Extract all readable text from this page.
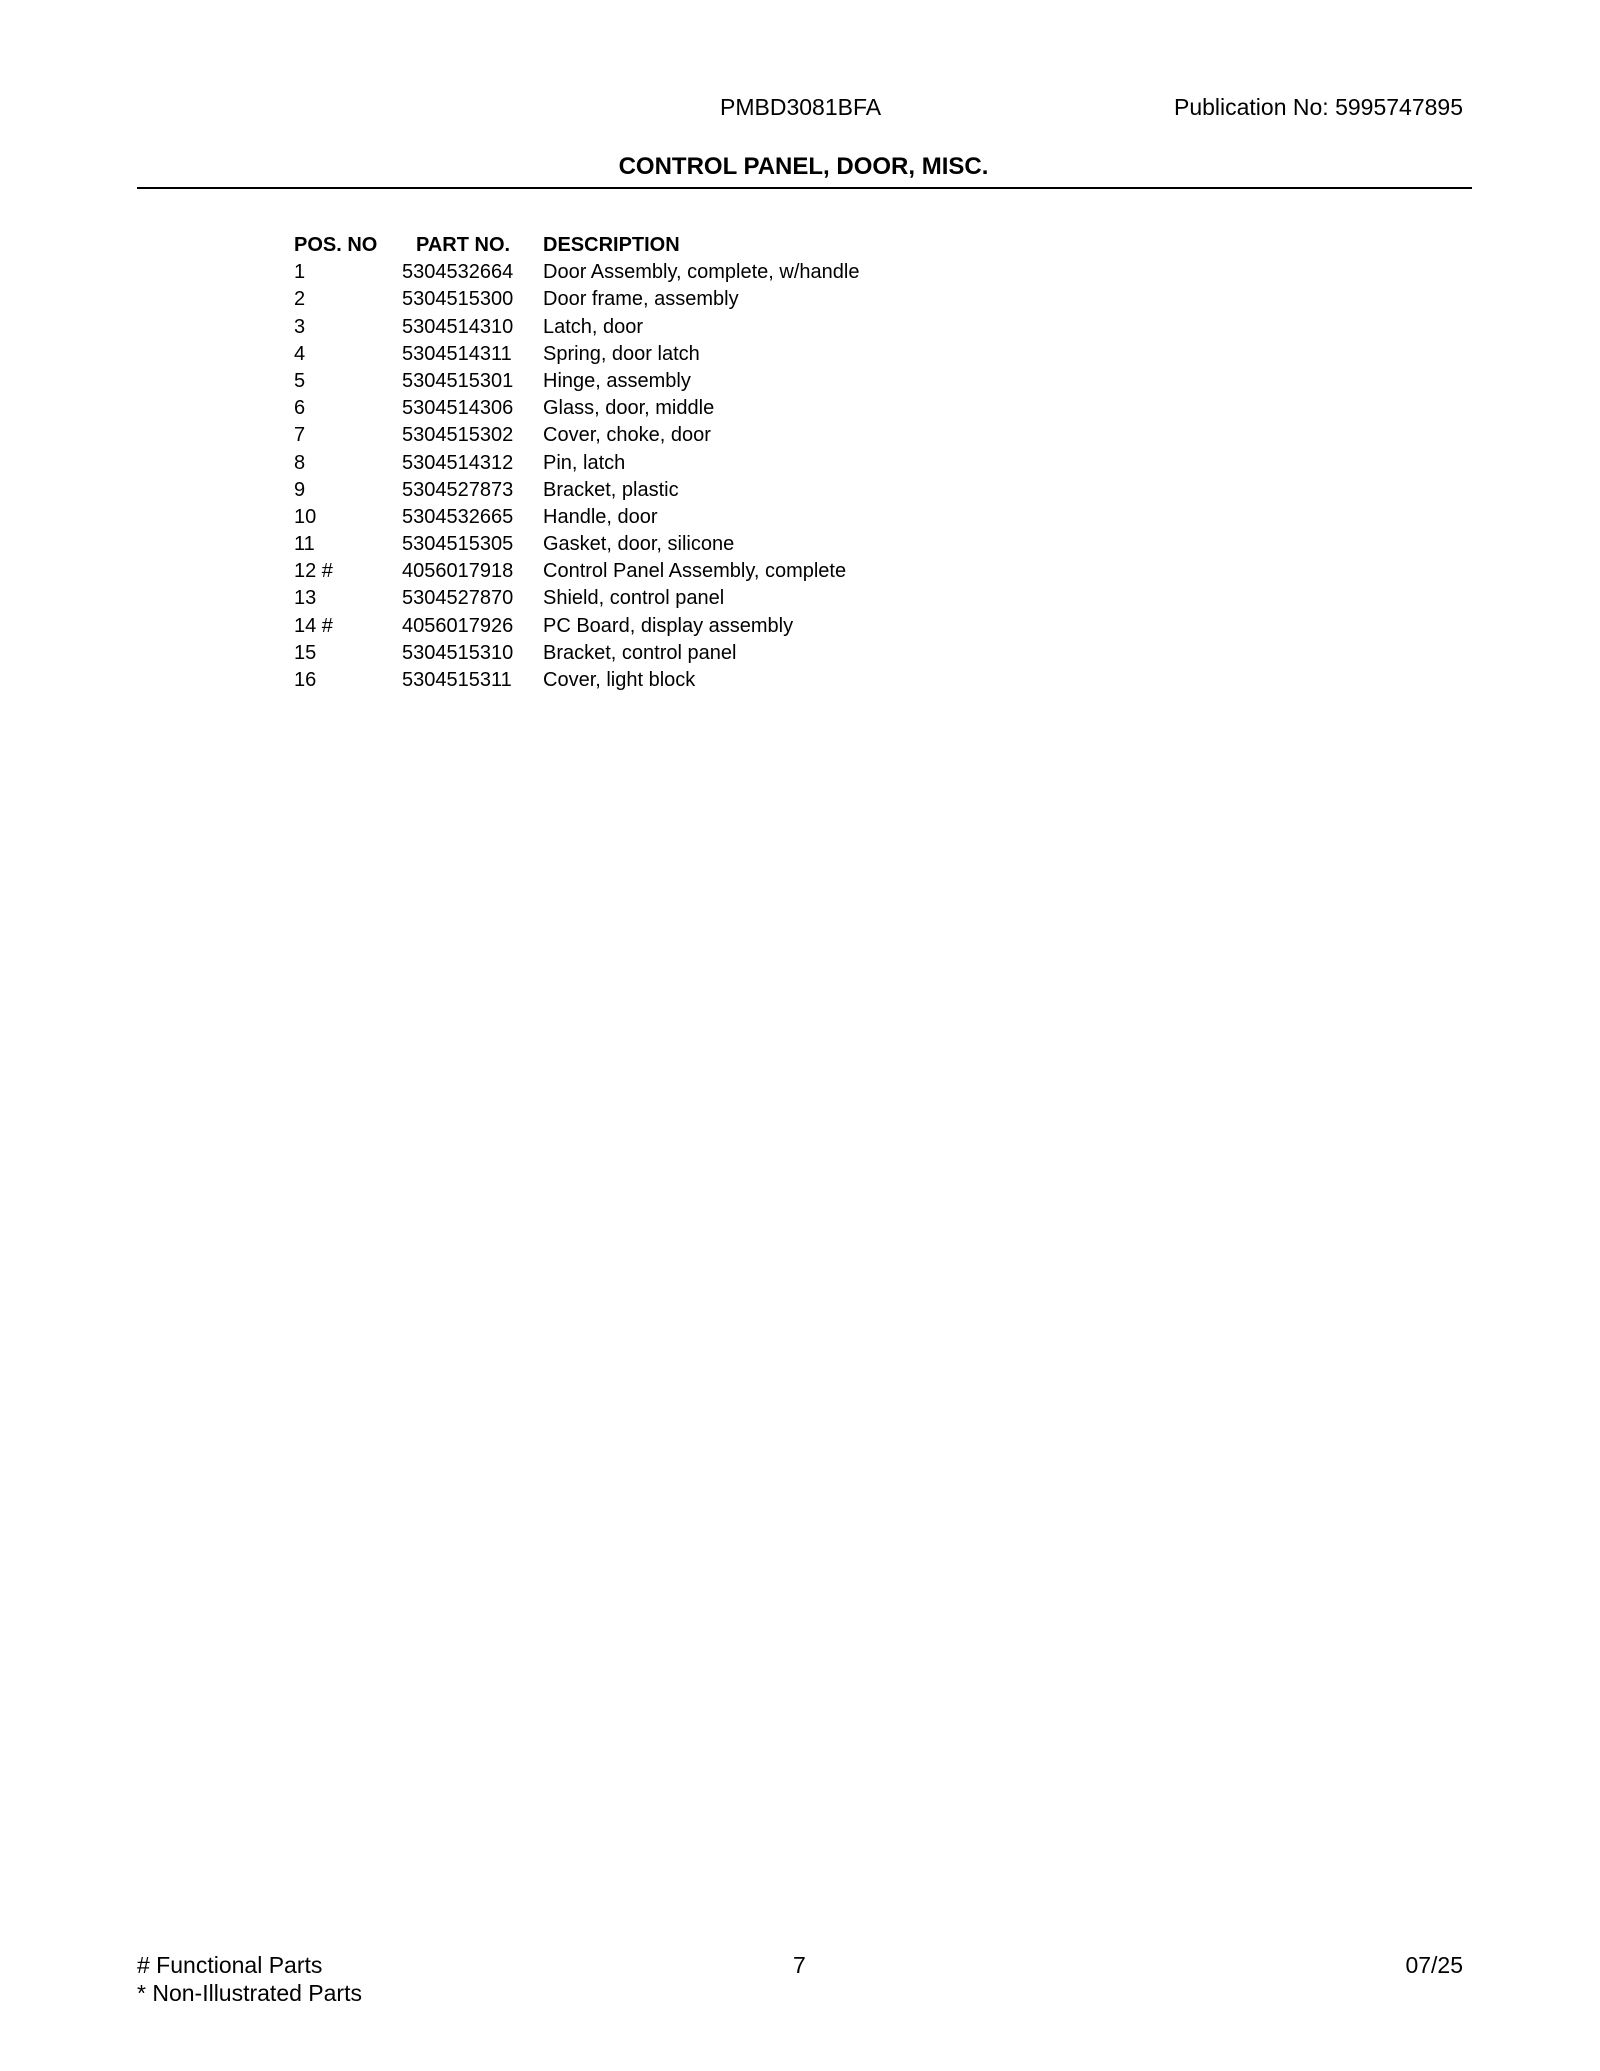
PMBD3081BFA	Publication No: 5995747895
CONTROL PANEL, DOOR, MISC.
POS. NO	PART NO.	DESCRIPTION
1	5304532664	Door Assembly, complete, w/handle
2	5304515300	Door frame, assembly
3	5304514310	Latch, door
4	5304514311	Spring, door latch
5	5304515301	Hinge, assembly
6	5304514306	Glass, door, middle
7	5304515302	Cover, choke, door
8	5304514312	Pin, latch
9	5304527873	Bracket, plastic
10	5304532665	Handle, door
11	5304515305	Gasket, door, silicone
12 #	4056017918	Control Panel Assembly, complete
13	5304527870	Shield, control panel
14 #	4056017926	PC Board, display assembly
15	5304515310	Bracket, control panel
16	5304515311	Cover, light block
# Functional Parts
* Non-Illustrated Parts
7	07/25
